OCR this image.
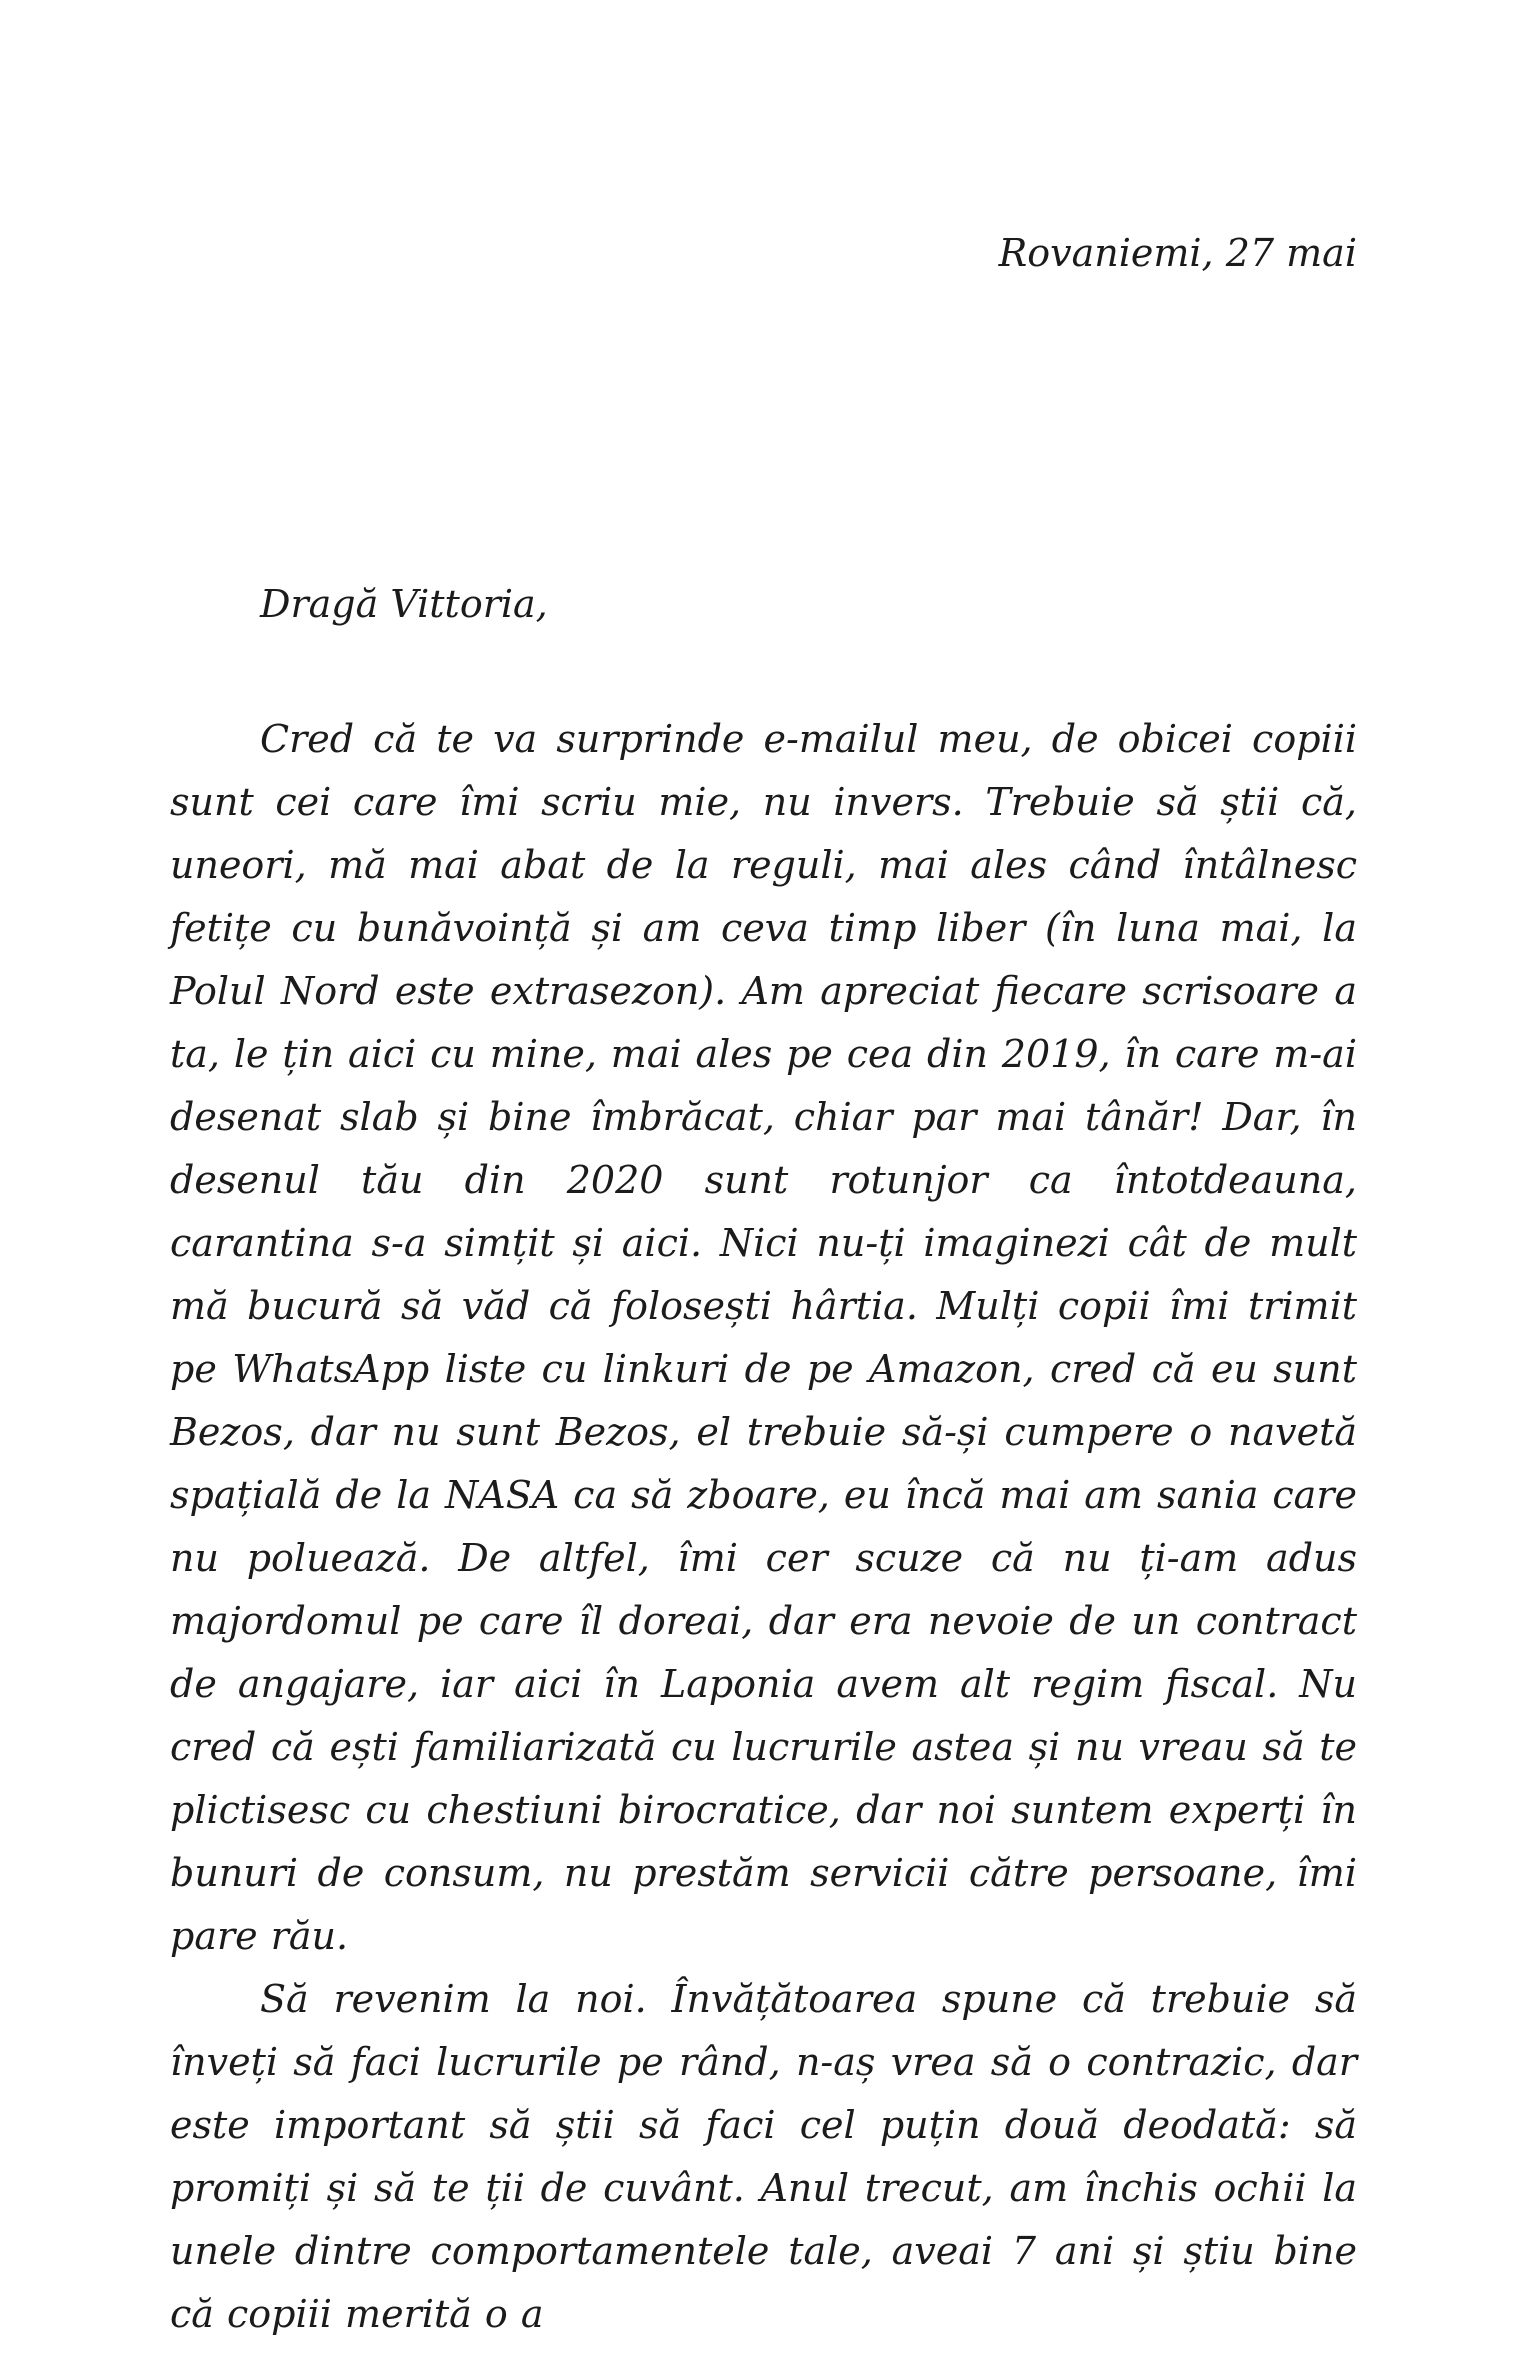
Rovaniemi, 27 mai
Dragă Vittoria,

Cred că te va surprinde e-mailul meu, de obicei copiii sunt cei care îmi scriu mie, nu invers. Trebuie să știi că, uneori, mă mai abat de la reguli, mai ales când întâlnesc fetițe cu bunăvoință și am ceva timp liber (în luna mai, la Polul Nord este extrasezon). Am apreciat fiecare scrisoare a ta, le țin aici cu mine, mai ales pe cea din 2019, în care m-ai desenat slab și bine îmbrăcat, chiar par mai tânăr! Dar, în desenul tău din 2020 sunt rotunjor ca întotdeauna, carantina s-a simțit și aici. Nici nu-ți imaginezi cât de mult mă bucură să văd că folosești hârtia. Mulți copii îmi trimit pe WhatsApp liste cu linkuri de pe Amazon, cred că eu sunt Bezos, dar nu sunt Bezos, el trebuie să-și cumpere o navetă spațială de la NASA ca să zboare, eu încă mai am sania care nu poluează. De altfel, îmi cer scuze că nu ți-am adus majordomul pe care îl doreai, dar era nevoie de un contract de angajare, iar aici în Laponia avem alt regim fiscal. Nu cred că ești familiarizată cu lucrurile astea și nu vreau să te plictisesc cu chestiuni birocratice, dar noi suntem experți în bunuri de consum, nu prestăm servicii către persoane, îmi pare rău.

Să revenim la noi. Învățătoarea spune că trebuie să înveți să faci lucrurile pe rând, n-aș vrea să o contrazic, dar este important să știi să faci cel puțin două deodată: să promiți și să te ții de cuvânt. Anul trecut, am închis ochii la unele dintre comportamentele tale, aveai 7 ani și știu bine că copiii merită o a
